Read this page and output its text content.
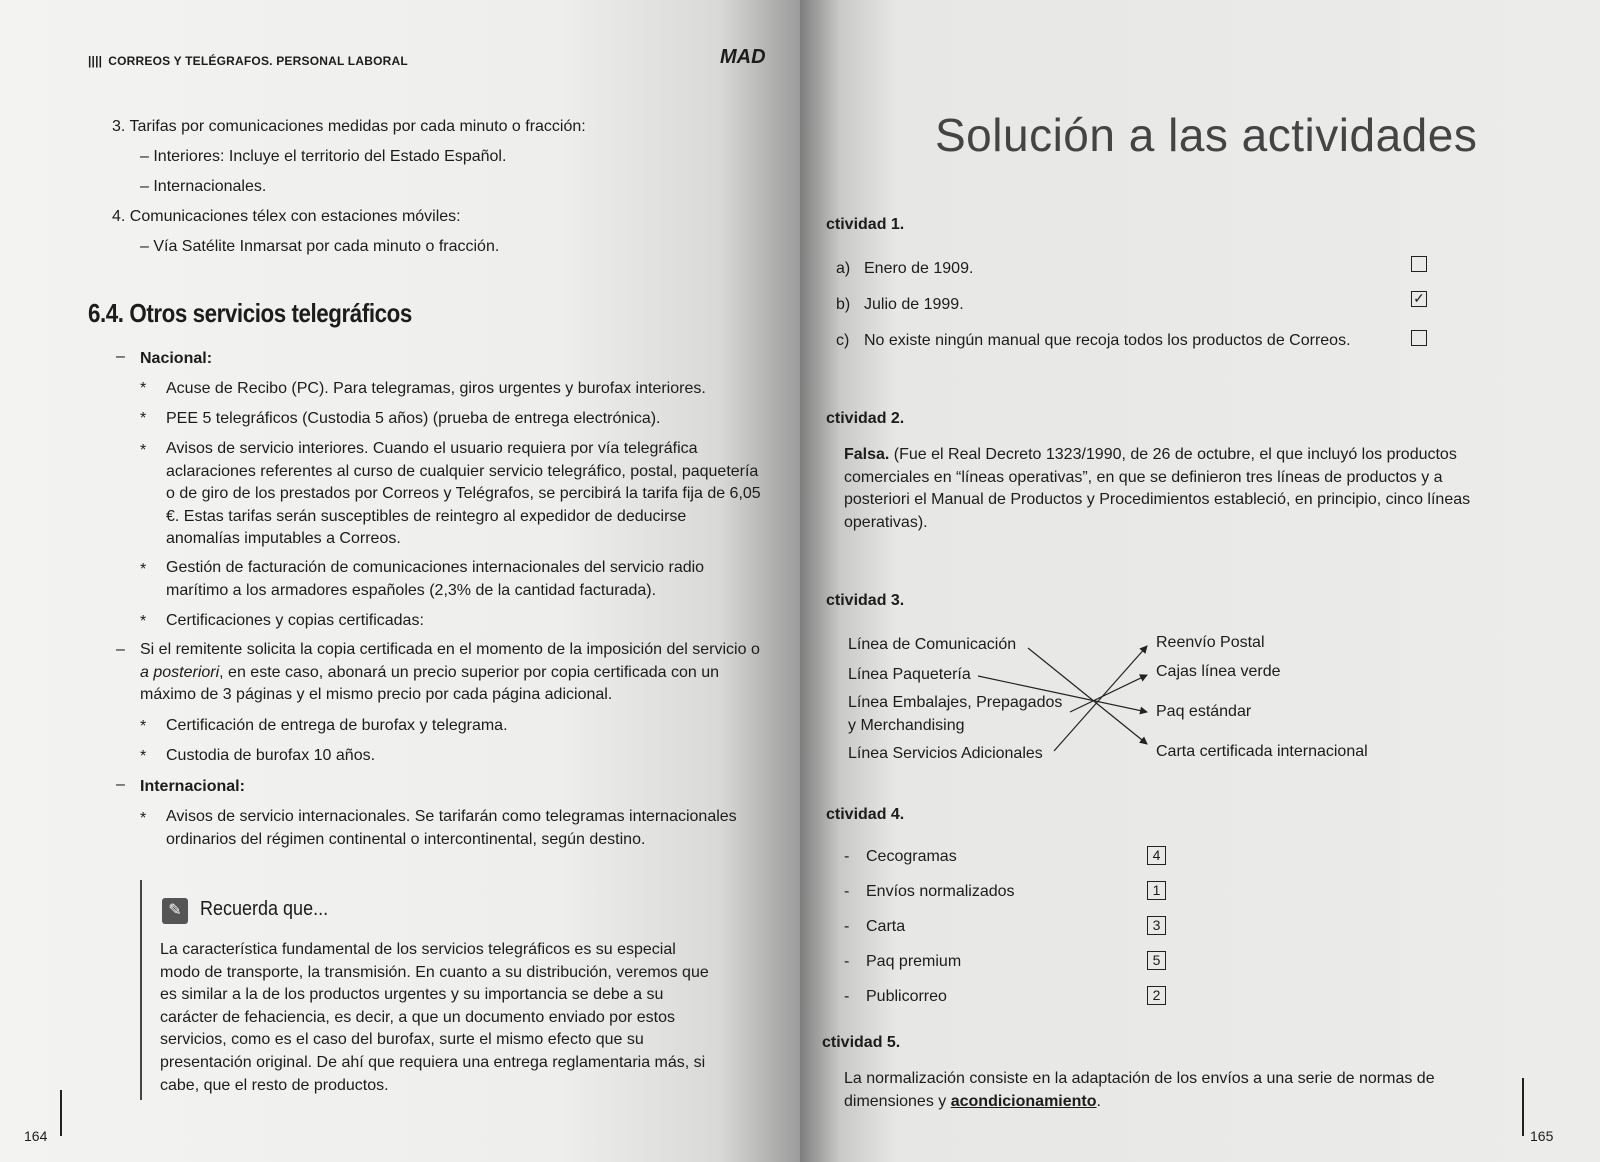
|||| CORREOS Y TELÉGRAFOS. PERSONAL LABORAL	MAD
3. Tarifas por comunicaciones medidas por cada minuto o fracción:
– Interiores: Incluye el territorio del Estado Español.
– Internacionales.
4. Comunicaciones télex con estaciones móviles:
– Vía Satélite Inmarsat por cada minuto o fracción.
6.4. Otros servicios telegráficos
– Nacional:
* Acuse de Recibo (PC). Para telegramas, giros urgentes y burofax interiores.
* PEE 5 telegráficos (Custodia 5 años) (prueba de entrega electrónica).
* Avisos de servicio interiores. Cuando el usuario requiera por vía telegráfica aclaraciones referentes al curso de cualquier servicio telegráfico, postal, paquetería o de giro de los prestados por Correos y Telégrafos, se percibirá la tarifa fija de 6,05 €. Estas tarifas serán susceptibles de reintegro al expedidor de deducirse anomalías imputables a Correos.
* Gestión de facturación de comunicaciones internacionales del servicio radio marítimo a los armadores españoles (2,3% de la cantidad facturada).
* Certificaciones y copias certificadas:
– Si el remitente solicita la copia certificada en el momento de la imposición del servicio o a posteriori, en este caso, abonará un precio superior por copia certificada con un máximo de 3 páginas y el mismo precio por cada página adicional.
* Certificación de entrega de burofax y telegrama.
* Custodia de burofax 10 años.
– Internacional:
* Avisos de servicio internacionales. Se tarifarán como telegramas internacionales ordinarios del régimen continental o intercontinental, según destino.
✎ Recuerda que...
La característica fundamental de los servicios telegráficos es su especial modo de transporte, la transmisión. En cuanto a su distribución, veremos que es similar a la de los productos urgentes y su importancia se debe a su carácter de fehaciencia, es decir, a que un documento enviado por estos servicios, como es el caso del burofax, surte el mismo efecto que su presentación original. De ahí que requiera una entrega reglamentaria más, si cabe, que el resto de productos.
164
Solución a las actividades
ctividad 1.
a) Enero de 1909.
b) Julio de 1999.	✓
c) No existe ningún manual que recoja todos los productos de Correos.
ctividad 2.
Falsa. (Fue el Real Decreto 1323/1990, de 26 de octubre, el que incluyó los productos comerciales en “líneas operativas”, en que se definieron tres líneas de productos y a posteriori el Manual de Productos y Procedimientos estableció, en principio, cinco líneas operativas).
ctividad 3.
Línea de Comunicación
Línea Paquetería
Línea Embalajes, Prepagados
y Merchandising
Línea Servicios Adicionales
Reenvío Postal
Cajas línea verde
Paq estándar
Carta certificada internacional
ctividad 4.
- Cecogramas	4
- Envíos normalizados	1
- Carta	3
- Paq premium	5
- Publicorreo	2
ctividad 5.
La normalización consiste en la adaptación de los envíos a una serie de normas de dimensiones y acondicionamiento.
165
